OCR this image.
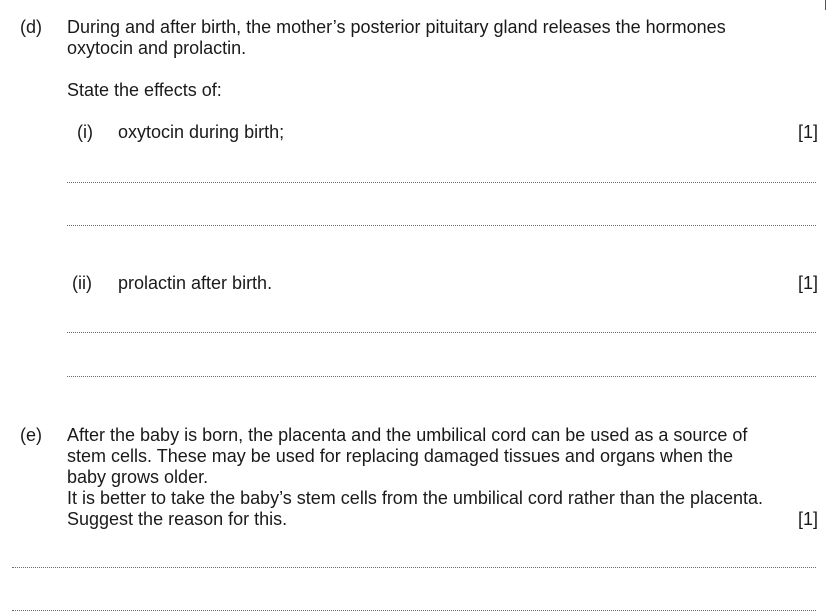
(d) During and after birth, the mother’s posterior pituitary gland releases the hormones
oxytocin and prolactin.
State the effects of:
(i) oxytocin during birth;	[1]
(ii) prolactin after birth.	[1]
(e) After the baby is born, the placenta and the umbilical cord can be used as a source of
stem cells. These may be used for replacing damaged tissues and organs when the
baby grows older.
It is better to take the baby’s stem cells from the umbilical cord rather than the placenta.
Suggest the reason for this.	[1]
